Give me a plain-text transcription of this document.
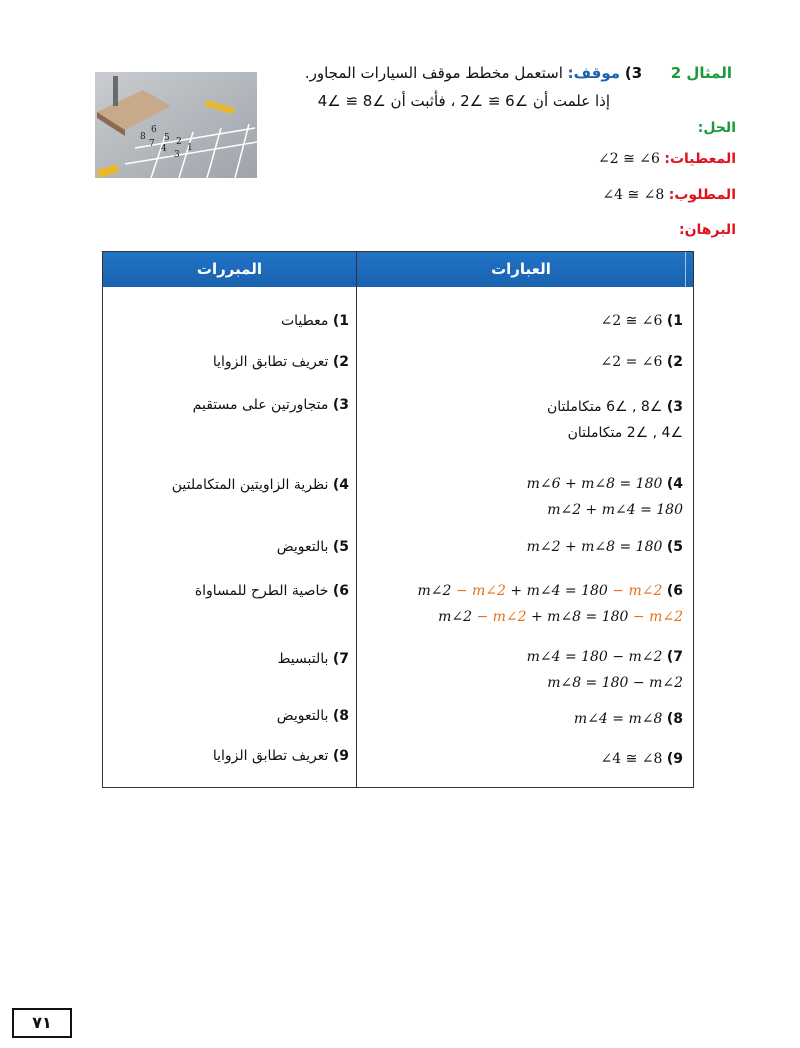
المثال 2      3) موقف: استعمل مخطط موقف السيارات المجاور.
إذا علمت أن ∠6 ≅ ∠2 ، فأثبت أن ∠8 ≅ ∠4
6
8
7
5
4
2
3
1
الحل:
المعطيات: ∠2 ≅ ∠6
المطلوب: ∠4 ≅ ∠8
البرهان:
المبررات	العبارات
1) ∠2 ≅ ∠6
1) معطيات
2) ∠2 = ∠6
2) تعريف تطابق الزوايا
3) ∠8 , ∠6 متكاملتان
∠4 , ∠2 متكاملتان
3) متجاورتين على مستقيم
4) m∠6 + m∠8 = 180
m∠2 + m∠4 = 180
4) نظرية الزاويتين المتكاملتين
5) m∠2 + m∠8 = 180
5) بالتعويض
6) m∠2 − m∠2 + m∠4 = 180 − m∠2
m∠2 − m∠2 + m∠8 = 180 − m∠2
6) خاصية الطرح للمساواة
7) m∠4 = 180 − m∠2
m∠8 = 180 − m∠2
7) بالتبسيط
8) m∠4 = m∠8
8) بالتعويض
9) ∠4 ≅ ∠8
9) تعريف تطابق الزوايا
٧١
